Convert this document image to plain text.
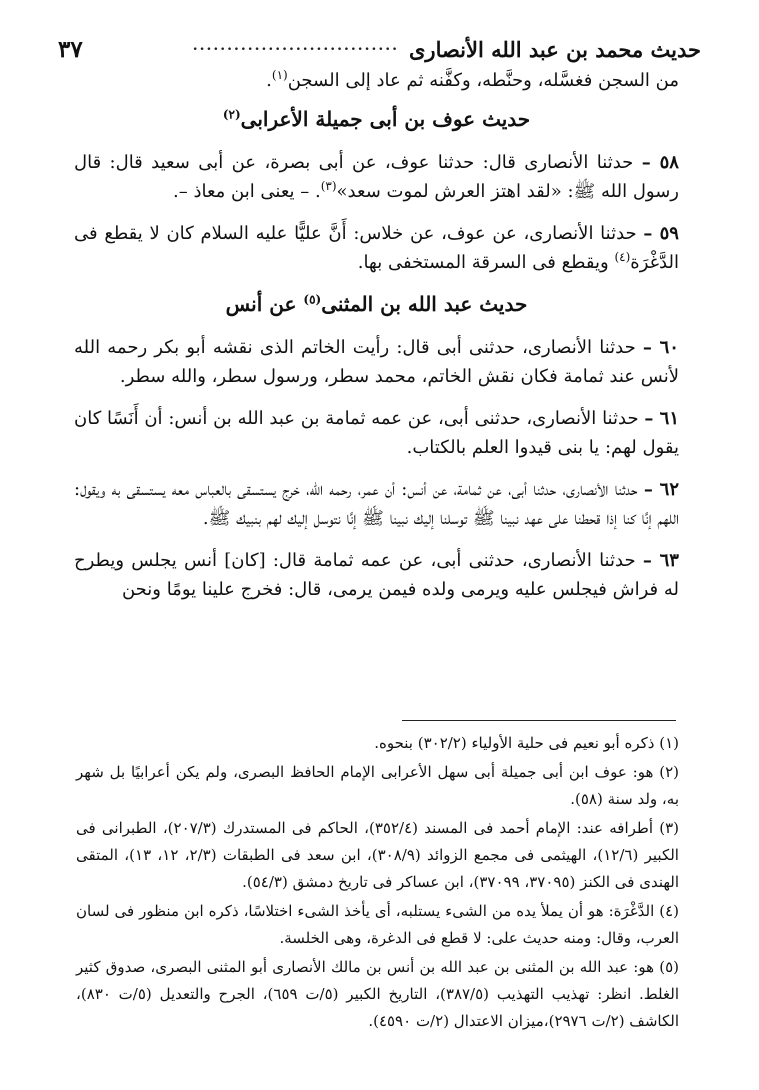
حديث محمد بن عبد الله الأنصارى
..............................
٣٧

من السجن فغسَّله، وحنَّطه، وكفَّنه ثم عاد إلى السجن$^{(١)}$.

حديث عوف بن أبى جميلة الأعرابى$^{(٢)}$

٥٨ – حدثنا الأنصارى قال: حدثنا عوف، عن أبى بصرة، عن أبى سعيد قال: قال رسول الله ﷺ: «لقد اهتز العرش لموت سعد»$^{(٣)}$. – يعنى ابن معاذ –.

٥٩ – حدثنا الأنصارى، عن عوف، عن خلاس: أَنَّ عليًّا عليه السلام كان لا يقطع فى الدَّغْرَة$^{(٤)}$ ويقطع فى السرقة المستخفى بها.

حديث عبد الله بن المثنى$^{(٥)}$ عن أنس

٦٠ – حدثنا الأنصارى، حدثنى أبى قال: رأيت الخاتم الذى نقشه أبو بكر رحمه الله لأنس عند ثمامة فكان نقش الخاتم، محمد سطر، ورسول سطر، والله سطر.

٦١ – حدثنا الأنصارى، حدثنى أبى، عن عمه ثمامة بن عبد الله بن أنس: أن أَنَسًا كان يقول لهم: يا بنى قيدوا العلم بالكتاب.

٦٢ – حدثنا الأنصارى، حدثنا أبى، عن ثمامة، عن أنس: أن عمر، رحمه الله، خرج يستسقى بالعباس معه يستسقى به ويقول: اللهم إنَّا كنا إذا قحطنا على عهد نبينا ﷺ توسلنا إليك نبينا ﷺ إنَّا نتوسل إليك لهم بنبيك ﷺ.

٦٣ – حدثنا الأنصارى، حدثنى أبى، عن عمه ثمامة قال: [كان] أنس يجلس ويطرح له فراش فيجلس عليه ويرمى ولده فيمن يرمى، قال: فخرج علينا يومًا ونحن

(١) ذكره أبو نعيم فى حلية الأولياء (٣٠٢/٢) بنحوه.

(٢) هو: عوف ابن أبى جميلة أبى سهل الأعرابى الإمام الحافظ البصرى، ولم يكن أعرابيًا بل شهر به، ولد سنة (٥٨).

(٣) أطرافه عند: الإمام أحمد فى المسند (٣٥٢/٤)، الحاكم فى المستدرك (٢٠٧/٣)، الطبرانى فى الكبير (١٢/٦)، الهيثمى فى مجمع الزوائد (٣٠٨/٩)، ابن سعد فى الطبقات (٢/٣، ١٢، ١٣)، المتقى الهندى فى الكنز (٣٧٠٩٥، ٣٧٠٩٩)، ابن عساكر فى تاريخ دمشق (٥٤/٣).

(٤) الدَّغْرَة: هو أن يملأ يده من الشىء يستلبه، أى يأخذ الشىء اختلاسًا، ذكره ابن منظور فى لسان العرب، وقال: ومنه حديث على: لا قطع فى الدغرة، وهى الخلسة.

(٥) هو: عبد الله بن المثنى بن عبد الله بن أنس بن مالك الأنصارى أبو المثنى البصرى، صدوق كثير الغلط. انظر: تهذيب التهذيب (٣٨٧/٥)، التاريخ الكبير (٥/ت ٦٥٩)، الجرح والتعديل (٥/ت ٨٣٠)، الكاشف (٢/ت ٢٩٧٦)،ميزان الاعتدال (٢/ت ٤٥٩٠).
